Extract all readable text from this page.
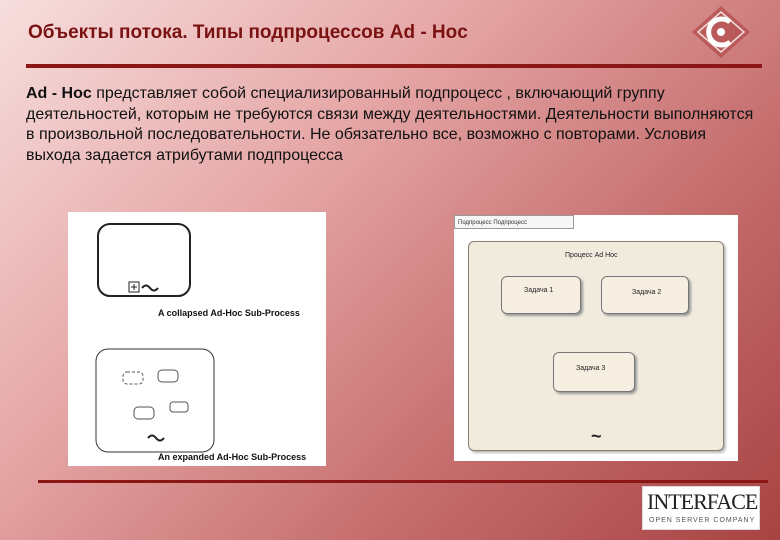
Объекты потока. Типы подпроцессов Ad - Hoc
Ad - Hoc представляет собой специализированный подпроцесс , включающий группу деятельностей, которым не требуются связи между деятельностями. Деятельности выполняются в произвольной последовательности. Не обязательно все, возможно с повторами. Условия выхода задается атрибутами подпроцесса
A collapsed Ad-Hoc Sub-Process
An expanded Ad-Hoc Sub-Process
Подпроцесс Подпроцесс
Процесс Ad Hoc
Задача 1	Задача 2
Задача 3
~
INTERFACE
OPEN SERVER COMPANY
